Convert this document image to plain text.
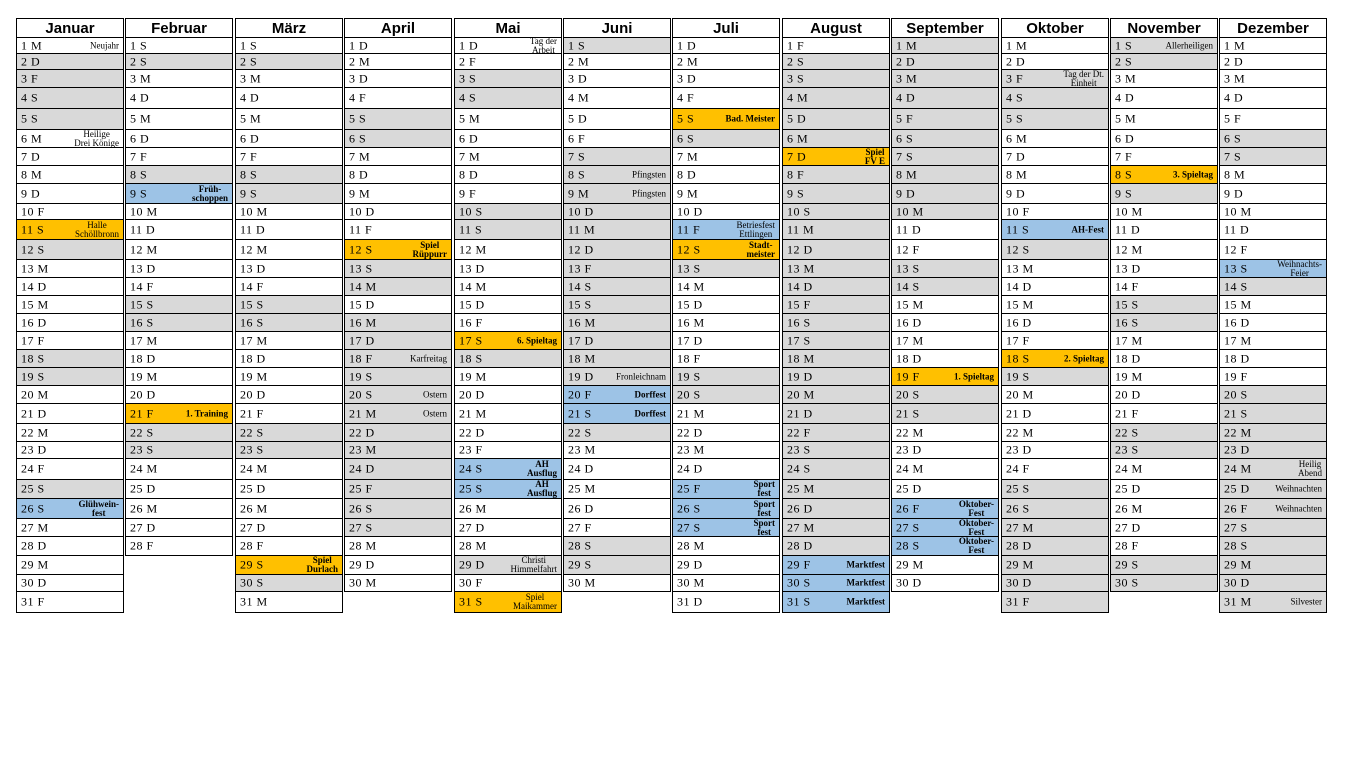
Januar
1 M	Neujahr
2 D
3 F
4 S
5 S
6 M	Heilige
Drei Könige
7 D
8 M
9 D
10 F
11 S	Halle
Schöllbronn
12 S
13 M
14 D
15 M
16 D
17 F
18 S
19 S
20 M
21 D
22 M
23 D
24 F
25 S
26 S	Glühwein-
fest
27 M
28 D
29 M
30 D
31 F
Februar
1 S
2 S
3 M
4 D
5 M
6 D
7 F
8 S
9 S	Früh-
schoppen
10 M
11 D
12 M
13 D
14 F
15 S
16 S
17 M
18 D
19 M
20 D
21 F	1. Training
22 S
23 S
24 M
25 D
26 M
27 D
28 F
März
1 S
2 S
3 M
4 D
5 M
6 D
7 F
8 S
9 S
10 M
11 D
12 M
13 D
14 F
15 S
16 S
17 M
18 D
19 M
20 D
21 F
22 S
23 S
24 M
25 D
26 M
27 D
28 F
29 S	Spiel
Durlach
30 S
31 M
April
1 D
2 M
3 D
4 F
5 S
6 S
7 M
8 D
9 M
10 D
11 F
12 S	Spiel
Rüppurr
13 S
14 M
15 D
16 M
17 D
18 F	Karfreitag
19 S
20 S	Ostern
21 M	Ostern
22 D
23 M
24 D
25 F
26 S
27 S
28 M
29 D
30 M
Mai
1 D	Tag der
Arbeit
2 F
3 S
4 S
5 M
6 D
7 M
8 D
9 F
10 S
11 S
12 M
13 D
14 M
15 D
16 F
17 S	6. Spieltag
18 S
19 M
20 D
21 M
22 D
23 F
24 S	AH
Ausflug
25 S	AH
Ausflug
26 M
27 D
28 M
29 D	Christi
Himmelfahrt
30 F
31 S	Spiel
Maikammer
Juni
1 S
2 M
3 D
4 M
5 D
6 F
7 S
8 S	Pfingsten
9 M	Pfingsten
10 D
11 M
12 D
13 F
14 S
15 S
16 M
17 D
18 M
19 D Fronleichnam
20 F	Dorffest
21 S	Dorffest
22 S
23 M
24 D
25 M
26 D
27 F
28 S
29 S
30 M
Juli
1 D
2 M
3 D
4 F
5 S	Bad. Meister
6 S
7 M
8 D
9 M
10 D
11 F	Betriesfest
Ettlingen
12 S	Stadt-
meister
13 S
14 M
15 D
16 M
17 D
18 F
19 S
20 S
21 M
22 D
23 M
24 D
25 F	Sport
fest
26 S	Sport
fest
27 S	Sport
fest
28 M
29 D
30 M
31 D
August
1 F
2 S
3 S
4 M
5 D
6 M
7 D	Spiel
FV E
8 F
9 S
10 S
11 M
12 D
13 M
14 D
15 F
16 S
17 S
18 M
19 D
20 M
21 D
22 F
23 S
24 S
25 M
26 D
27 M
28 D
29 F	Marktfest
30 S	Marktfest
31 S	Marktfest
September
1 M
2 D
3 M
4 D
5 F
6 S
7 S
8 M
9 D
10 M
11 D
12 F
13 S
14 S
15 M
16 D
17 M
18 D
19 F	1. Spieltag
20 S
21 S
22 M
23 D
24 M
25 D
26 F	Oktober-
Fest
27 S	Oktober-
Fest
28 S	Oktober-
Fest
29 M
30 D
Oktober
1 M
2 D
3 F	Tag der Dt.
Einheit
4 S
5 S
6 M
7 D
8 M
9 D
10 F
11 S	AH-Fest
12 S
13 M
14 D
15 M
16 D
17 F
18 S	2. Spieltag
19 S
20 M
21 D
22 M
23 D
24 F
25 S
26 S
27 M
28 D
29 M
30 D
31 F
November
1 S	Allerheiligen
2 S
3 M
4 D
5 M
6 D
7 F
8 S	3. Spieltag
9 S
10 M
11 D
12 M
13 D
14 F
15 S
16 S
17 M
18 D
19 M
20 D
21 F
22 S
23 S
24 M
25 D
26 M
27 D
28 F
29 S
30 S
Dezember
1 M
2 D
3 M
4 D
5 F
6 S
7 S
8 M
9 D
10 M
11 D
12 F
13 S	Weihnachts-
Feier
14 S
15 M
16 D
17 M
18 D
19 F
20 S
21 S
22 M
23 D
24 M	Heilig
Abend
25 D	Weihnachten
26 F	Weihnachten
27 S
28 S
29 M
30 D
31 M	Silvester
